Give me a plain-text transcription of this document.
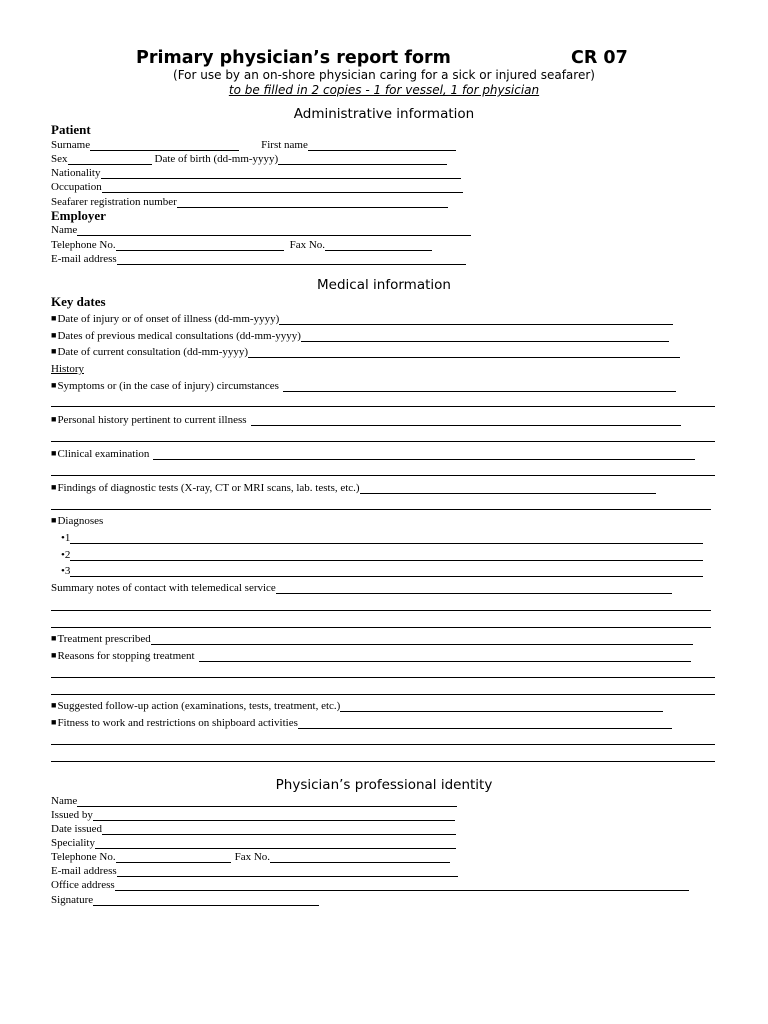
Primary physician’s report form	CR 07
(For use by an on-shore physician caring for a sick or injured seafarer)
to be filled in 2 copies - 1 for vessel, 1 for physician
Administrative information
Patient
Surname	First name
Sex	Date of birth (dd-mm-yyyy)
Nationality
Occupation
Seafarer registration number
Employer
Name
Telephone No.	Fax No.
E-mail address
Medical information
Key dates
■ Date of injury or of onset of illness (dd-mm-yyyy)
■ Dates of previous medical consultations (dd-mm-yyyy)
■ Date of current consultation (dd-mm-yyyy)
History
■ Symptoms or (in the case of injury) circumstances
■ Personal history pertinent to current illness
■ Clinical examination
■ Findings of diagnostic tests (X-ray, CT or MRI scans, lab. tests, etc.)
■ Diagnoses
• 1
• 2
• 3
Summary notes of contact with telemedical service
■ Treatment prescribed
■ Reasons for stopping treatment
■ Suggested follow-up action (examinations, tests, treatment, etc.)
■ Fitness to work and restrictions on shipboard activities
Physician’s professional identity
Name
Issued by
Date issued
Speciality
Telephone No.	Fax No.
E-mail address
Office address
Signature
